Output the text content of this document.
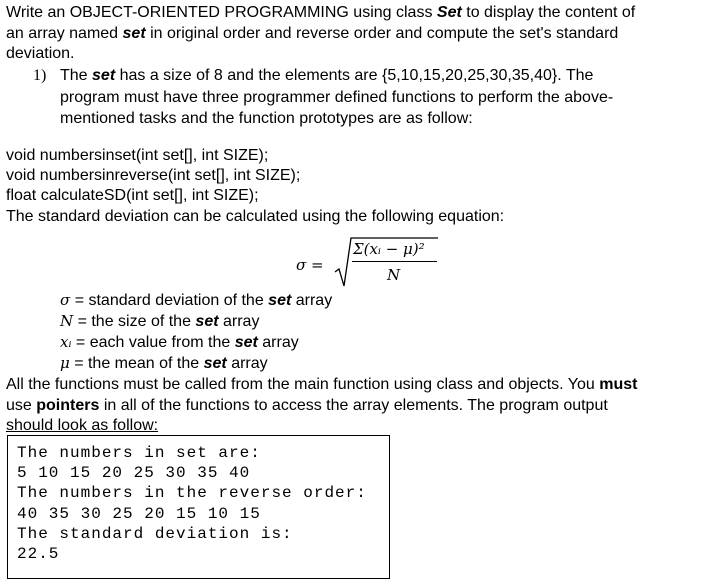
Write an OBJECT-ORIENTED PROGRAMMING using class Set to display the content of
an array named set in original order and reverse order and compute the set's standard
deviation.
1) The set has a size of 8 and the elements are {5,10,15,20,25,30,35,40}. The
program must have three programmer defined functions to perform the above-
mentioned tasks and the function prototypes are as follow:
void numbersinset(int set[], int SIZE);
void numbersinreverse(int set[], int SIZE);
float calculateSD(int set[], int SIZE);
The standard deviation can be calculated using the following equation:
σ =
Σ(xᵢ − μ)²
N
σ = standard deviation of the set array
N = the size of the set array
xᵢ = each value from the set array
μ = the mean of the set array
All the functions must be called from the main function using class and objects. You must
use pointers in all of the functions to access the array elements. The program output
should look as follow:
The numbers in set are:
5 10 15 20 25 30 35 40
The numbers in the reverse order:
40 35 30 25 20 15 10 15
The standard deviation is:
22.5
